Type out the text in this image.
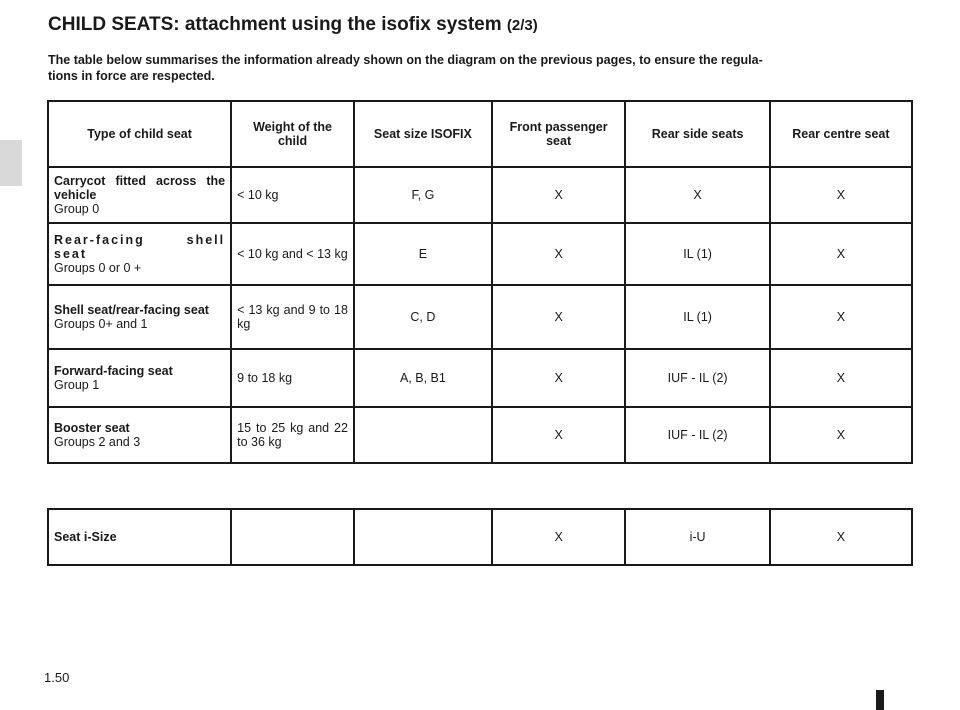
CHILD SEATS: attachment using the isofix system (2/3)

The table below summarises the information already shown on the diagram on the previous pages, to ensure the regula-
tions in force are respected.

Type of child seat	Weight of the child	Seat size ISOFIX	Front passenger seat	Rear side seats	Rear centre seat

Carrycot fitted across the vehicle
Group 0	< 10 kg	F, G	X	X	X

Rear-facing shell seat
Groups 0 or 0 +	< 10 kg and < 13 kg	E	X	IL (1)	X

Shell seat/rear-facing seat
Groups 0+ and 1	< 13 kg and 9 to 18 kg	C, D	X	IL (1)	X

Forward-facing seat
Group 1	9 to 18 kg	A, B, B1	X	IUF - IL (2)	X

Booster seat
Groups 2 and 3	15 to 25 kg and 22 to 36 kg		X	IUF - IL (2)	X
Seat i-Size			X	i-U	X
1.50
